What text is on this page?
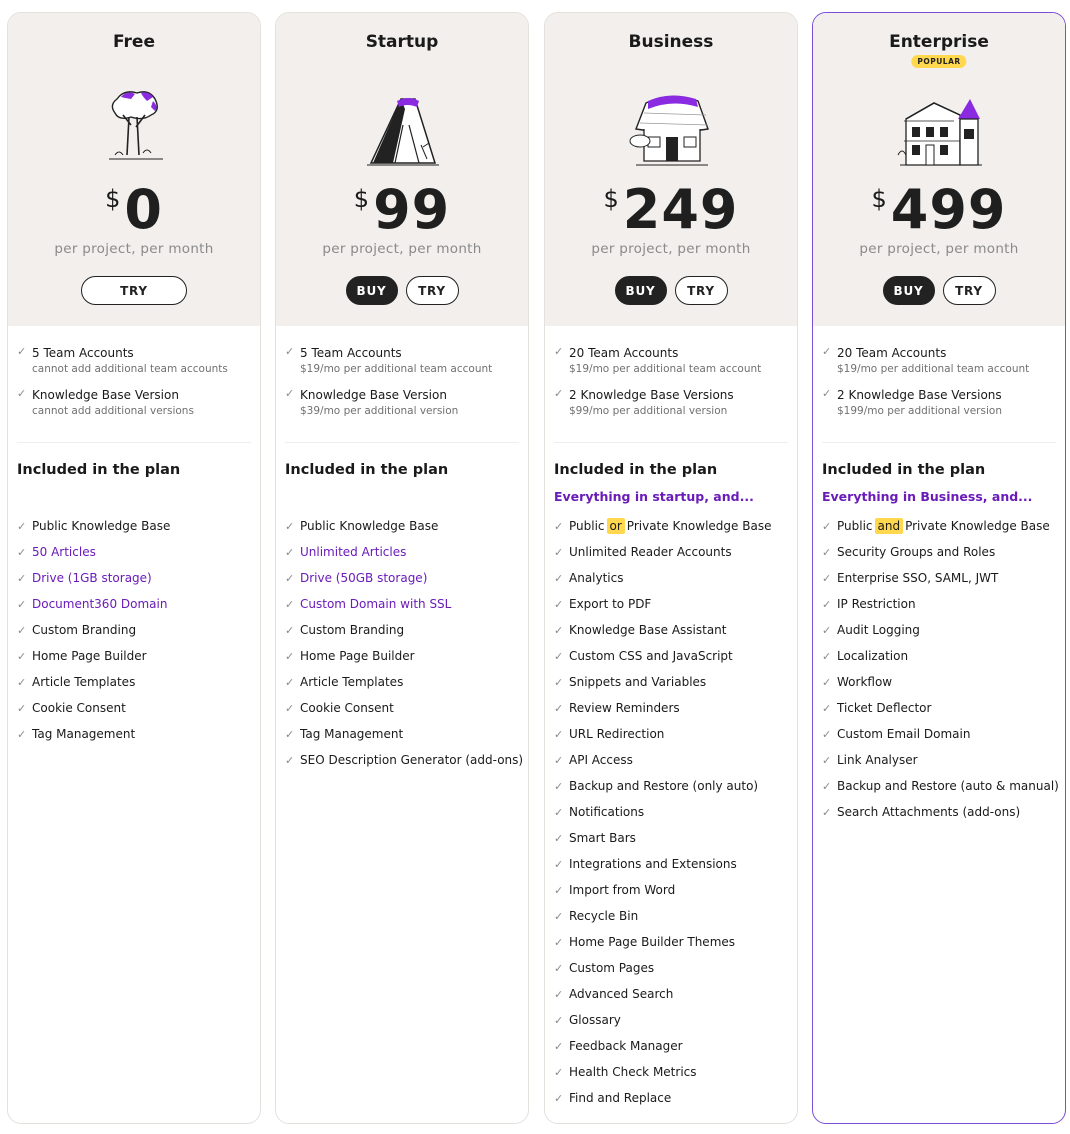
Free
$ 0
per project, per month
TRY
✓ 5 Team Accounts
cannot add additional team accounts
✓ Knowledge Base Version
cannot add additional versions
Included in the plan
✓ Public Knowledge Base
✓ 50 Articles
✓ Drive (1GB storage)
✓ Document360 Domain
✓ Custom Branding
✓ Home Page Builder
✓ Article Templates
✓ Cookie Consent
✓ Tag Management
Startup
$ 99
per project, per month
BUY	TRY
✓ 5 Team Accounts
$19/mo per additional team account
✓ Knowledge Base Version
$39/mo per additional version
Included in the plan
✓ Public Knowledge Base
✓ Unlimited Articles
✓ Drive (50GB storage)
✓ Custom Domain with SSL
✓ Custom Branding
✓ Home Page Builder
✓ Article Templates
✓ Cookie Consent
✓ Tag Management
✓ SEO Description Generator (add-ons)
Business
$ 249
per project, per month
BUY	TRY
✓ 20 Team Accounts
$19/mo per additional team account
✓ 2 Knowledge Base Versions
$99/mo per additional version
Included in the plan
Everything in startup, and...
✓ Public or Private Knowledge Base
✓ Unlimited Reader Accounts
✓ Analytics
✓ Export to PDF
✓ Knowledge Base Assistant
✓ Custom CSS and JavaScript
✓ Snippets and Variables
✓ Review Reminders
✓ URL Redirection
✓ API Access
✓ Backup and Restore (only auto)
✓ Notifications
✓ Smart Bars
✓ Integrations and Extensions
✓ Import from Word
✓ Recycle Bin
✓ Home Page Builder Themes
✓ Custom Pages
✓ Advanced Search
✓ Glossary
✓ Feedback Manager
✓ Health Check Metrics
✓ Find and Replace
Enterprise
POPULAR
$ 499
per project, per month
BUY	TRY
✓ 20 Team Accounts
$19/mo per additional team account
✓ 2 Knowledge Base Versions
$199/mo per additional version
Included in the plan
Everything in Business, and...
✓ Public and Private Knowledge Base
✓ Security Groups and Roles
✓ Enterprise SSO, SAML, JWT
✓ IP Restriction
✓ Audit Logging
✓ Localization
✓ Workflow
✓ Ticket Deflector
✓ Custom Email Domain
✓ Link Analyser
✓ Backup and Restore (auto & manual)
✓ Search Attachments (add-ons)
